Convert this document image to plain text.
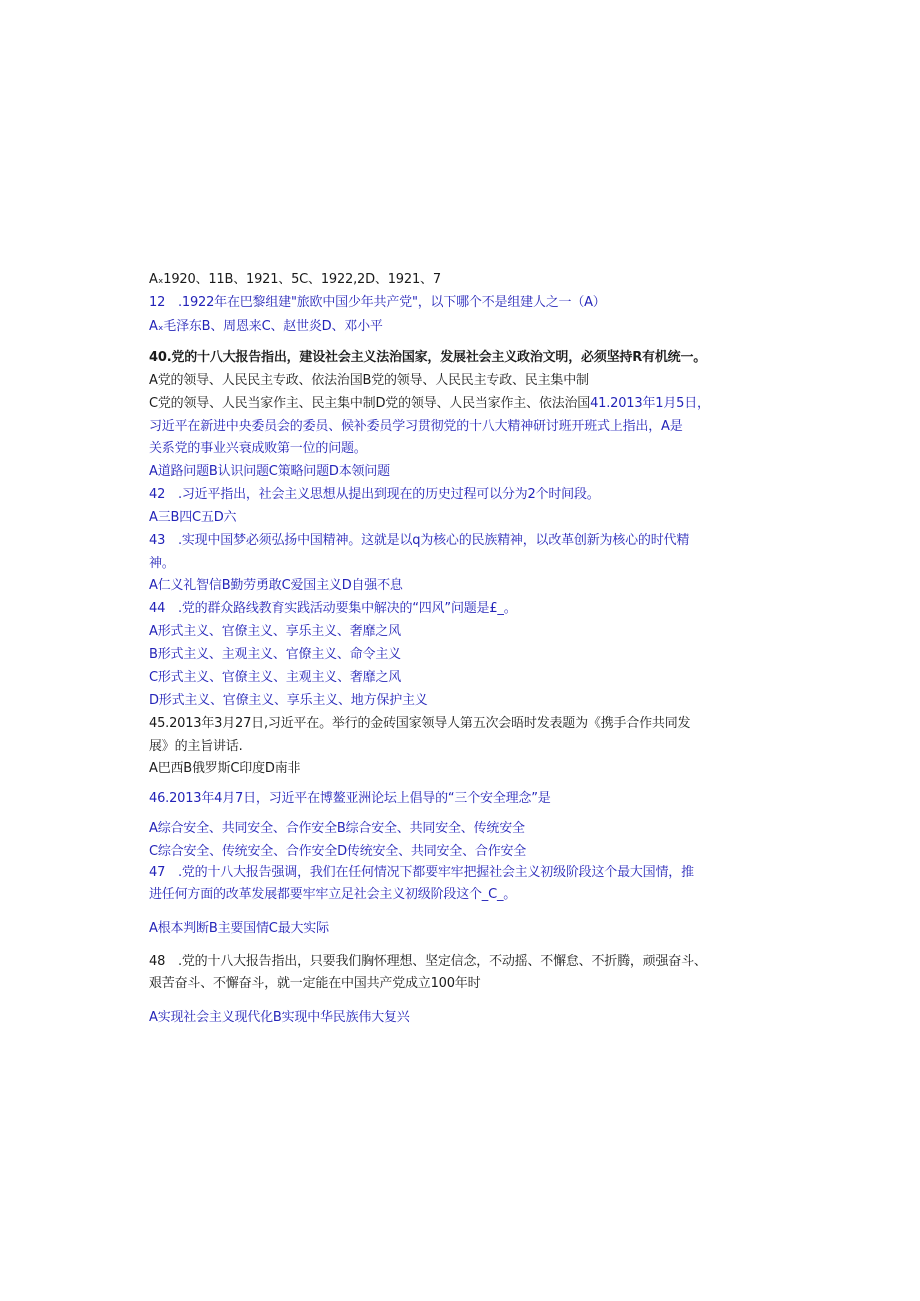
Aₓ1920、11B、1921、5C、1922,2D、1921、7

12　.1922年在巴黎组建"旅欧中国少年共产党"，以下哪个不是组建人之一（A）

Aₓ毛泽东B、周恩来C、赵世炎D、邓小平

40.党的十八大报告指出，建设社会主义法治国家，发展社会主义政治文明，必须坚持R有机统一。

A党的领导、人民民主专政、依法治国B党的领导、人民民主专政、民主集中制

C党的领导、人民当家作主、民主集中制D党的领导、人民当家作主、依法治国41.2013年1月5日，

习近平在新进中央委员会的委员、候补委员学习贯彻党的十八大精神研讨班开班式上指出，A是

关系党的事业兴衰成败第一位的问题。

A道路问题B认识问题C策略问题D本领问题

42　.习近平指出，社会主义思想从提出到现在的历史过程可以分为2个时间段。

A三B四C五D六

43　.实现中国梦必须弘扬中国精神。这就是以q为核心的民族精神，以改革创新为核心的时代精

神。

A仁义礼智信B勤劳勇敢C爱国主义D自强不息

44　.党的群众路线教育实践活动要集中解决的“四风”问题是£_。

A形式主义、官僚主义、享乐主义、奢靡之风

B形式主义、主观主义、官僚主义、命令主义

C形式主义、官僚主义、主观主义、奢靡之风

D形式主义、官僚主义、享乐主义、地方保护主义

45.2013年3月27日,习近平在。举行的金砖国家领导人第五次会晤时发表题为《携手合作共同发

展》的主旨讲话.

A巴西B俄罗斯C印度D南非

46.2013年4月7日，习近平在博鳌亚洲论坛上倡导的“三个安全理念”是

A综合安全、共同安全、合作安全B综合安全、共同安全、传统安全

C综合安全、传统安全、合作安全D传统安全、共同安全、合作安全

47　.党的十八大报告强调，我们在任何情况下都要牢牢把握社会主义初级阶段这个最大国情，推

进任何方面的改革发展都要牢牢立足社会主义初级阶段这个_C_。

A根本判断B主要国情C最大实际

48　.党的十八大报告指出，只要我们胸怀理想、坚定信念，不动摇、不懈怠、不折腾，顽强奋斗、

艰苦奋斗、不懈奋斗，就一定能在中国共产党成立100年时

A实现社会主义现代化B实现中华民族伟大复兴
